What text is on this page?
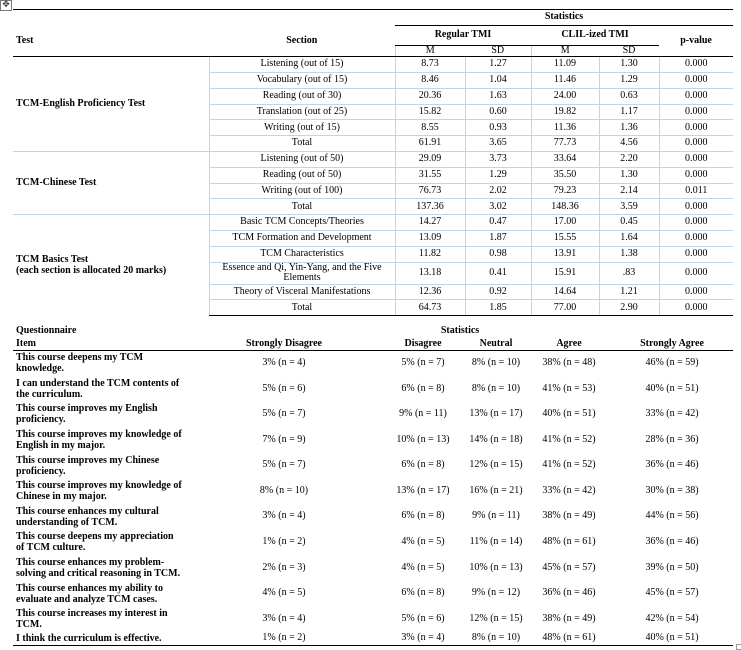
✥
		Statistics				
Test	Section	Regular TMI		CLIL-ized TMI		p-value
		M	SD	M	SD	

TCM-English Proficiency Test	Listening (out of 15)	8.73	1.27	11.09	1.30	0.000
	Vocabulary (out of 15)	8.46	1.04	11.46	1.29	0.000
	Reading (out of 30)	20.36	1.63	24.00	0.63	0.000
	Translation (out of 25)	15.82	0.60	19.82	1.17	0.000
	Writing (out of 15)	8.55	0.93	11.36	1.36	0.000
	Total	61.91	3.65	77.73	4.56	0.000

TCM-Chinese Test	Listening (out of 50)	29.09	3.73	33.64	2.20	0.000
	Reading (out of 50)	31.55	1.29	35.50	1.30	0.000
	Writing (out of 100)	76.73	2.02	79.23	2.14	0.011
	Total	137.36	3.02	148.36	3.59	0.000

TCM Basics Test
(each section is allocated 20 marks)	Basic TCM Concepts/Theories	14.27	0.47	17.00	0.45	0.000
	TCM Formation and Development	13.09	1.87	15.55	1.64	0.000
	TCM Characteristics	11.82	0.98	13.91	1.38	0.000
	Essence and Qi, Yin-Yang, and the Five Elements	13.18	0.41	15.91	.83	0.000
	Theory of Visceral Manifestations	12.36	0.92	14.64	1.21	0.000
	Total	64.73	1.85	77.00	2.90	0.000
Questionnaire	Statistics				
Item	Strongly Disagree	Disagree	Neutral	Agree	Strongly Agree
This course deepens my TCM knowledge.	3% (n = 4)	5% (n = 7)	8% (n = 10)	38% (n = 48)	46% (n = 59)
I can understand the TCM contents of the curriculum.	5% (n = 6)	6% (n = 8)	8% (n = 10)	41% (n = 53)	40% (n = 51)
This course improves my English proficiency.	5% (n = 7)	9% (n = 11)	13% (n = 17)	40% (n = 51)	33% (n = 42)
This course improves my knowledge of English in my major.	7% (n = 9)	10% (n = 13)	14% (n = 18)	41% (n = 52)	28% (n = 36)
This course improves my Chinese proficiency.	5% (n = 7)	6% (n = 8)	12% (n = 15)	41% (n = 52)	36% (n = 46)
This course improves my knowledge of Chinese in my major.	8% (n = 10)	13% (n = 17)	16% (n = 21)	33% (n = 42)	30% (n = 38)
This course enhances my cultural understanding of TCM.	3% (n = 4)	6% (n = 8)	9% (n = 11)	38% (n = 49)	44% (n = 56)
This course deepens my appreciation of TCM culture.	1% (n = 2)	4% (n = 5)	11% (n = 14)	48% (n = 61)	36% (n = 46)
This course enhances my problem-solving and critical reasoning in TCM.	2% (n = 3)	4% (n = 5)	10% (n = 13)	45% (n = 57)	39% (n = 50)
This course enhances my ability to evaluate and analyze TCM cases.	4% (n = 5)	6% (n = 8)	9% (n = 12)	36% (n = 46)	45% (n = 57)
This course increases my interest in TCM.	3% (n = 4)	5% (n = 6)	12% (n = 15)	38% (n = 49)	42% (n = 54)
I think the curriculum is effective.	1% (n = 2)	3% (n = 4)	8% (n = 10)	48% (n = 61)	40% (n = 51)
